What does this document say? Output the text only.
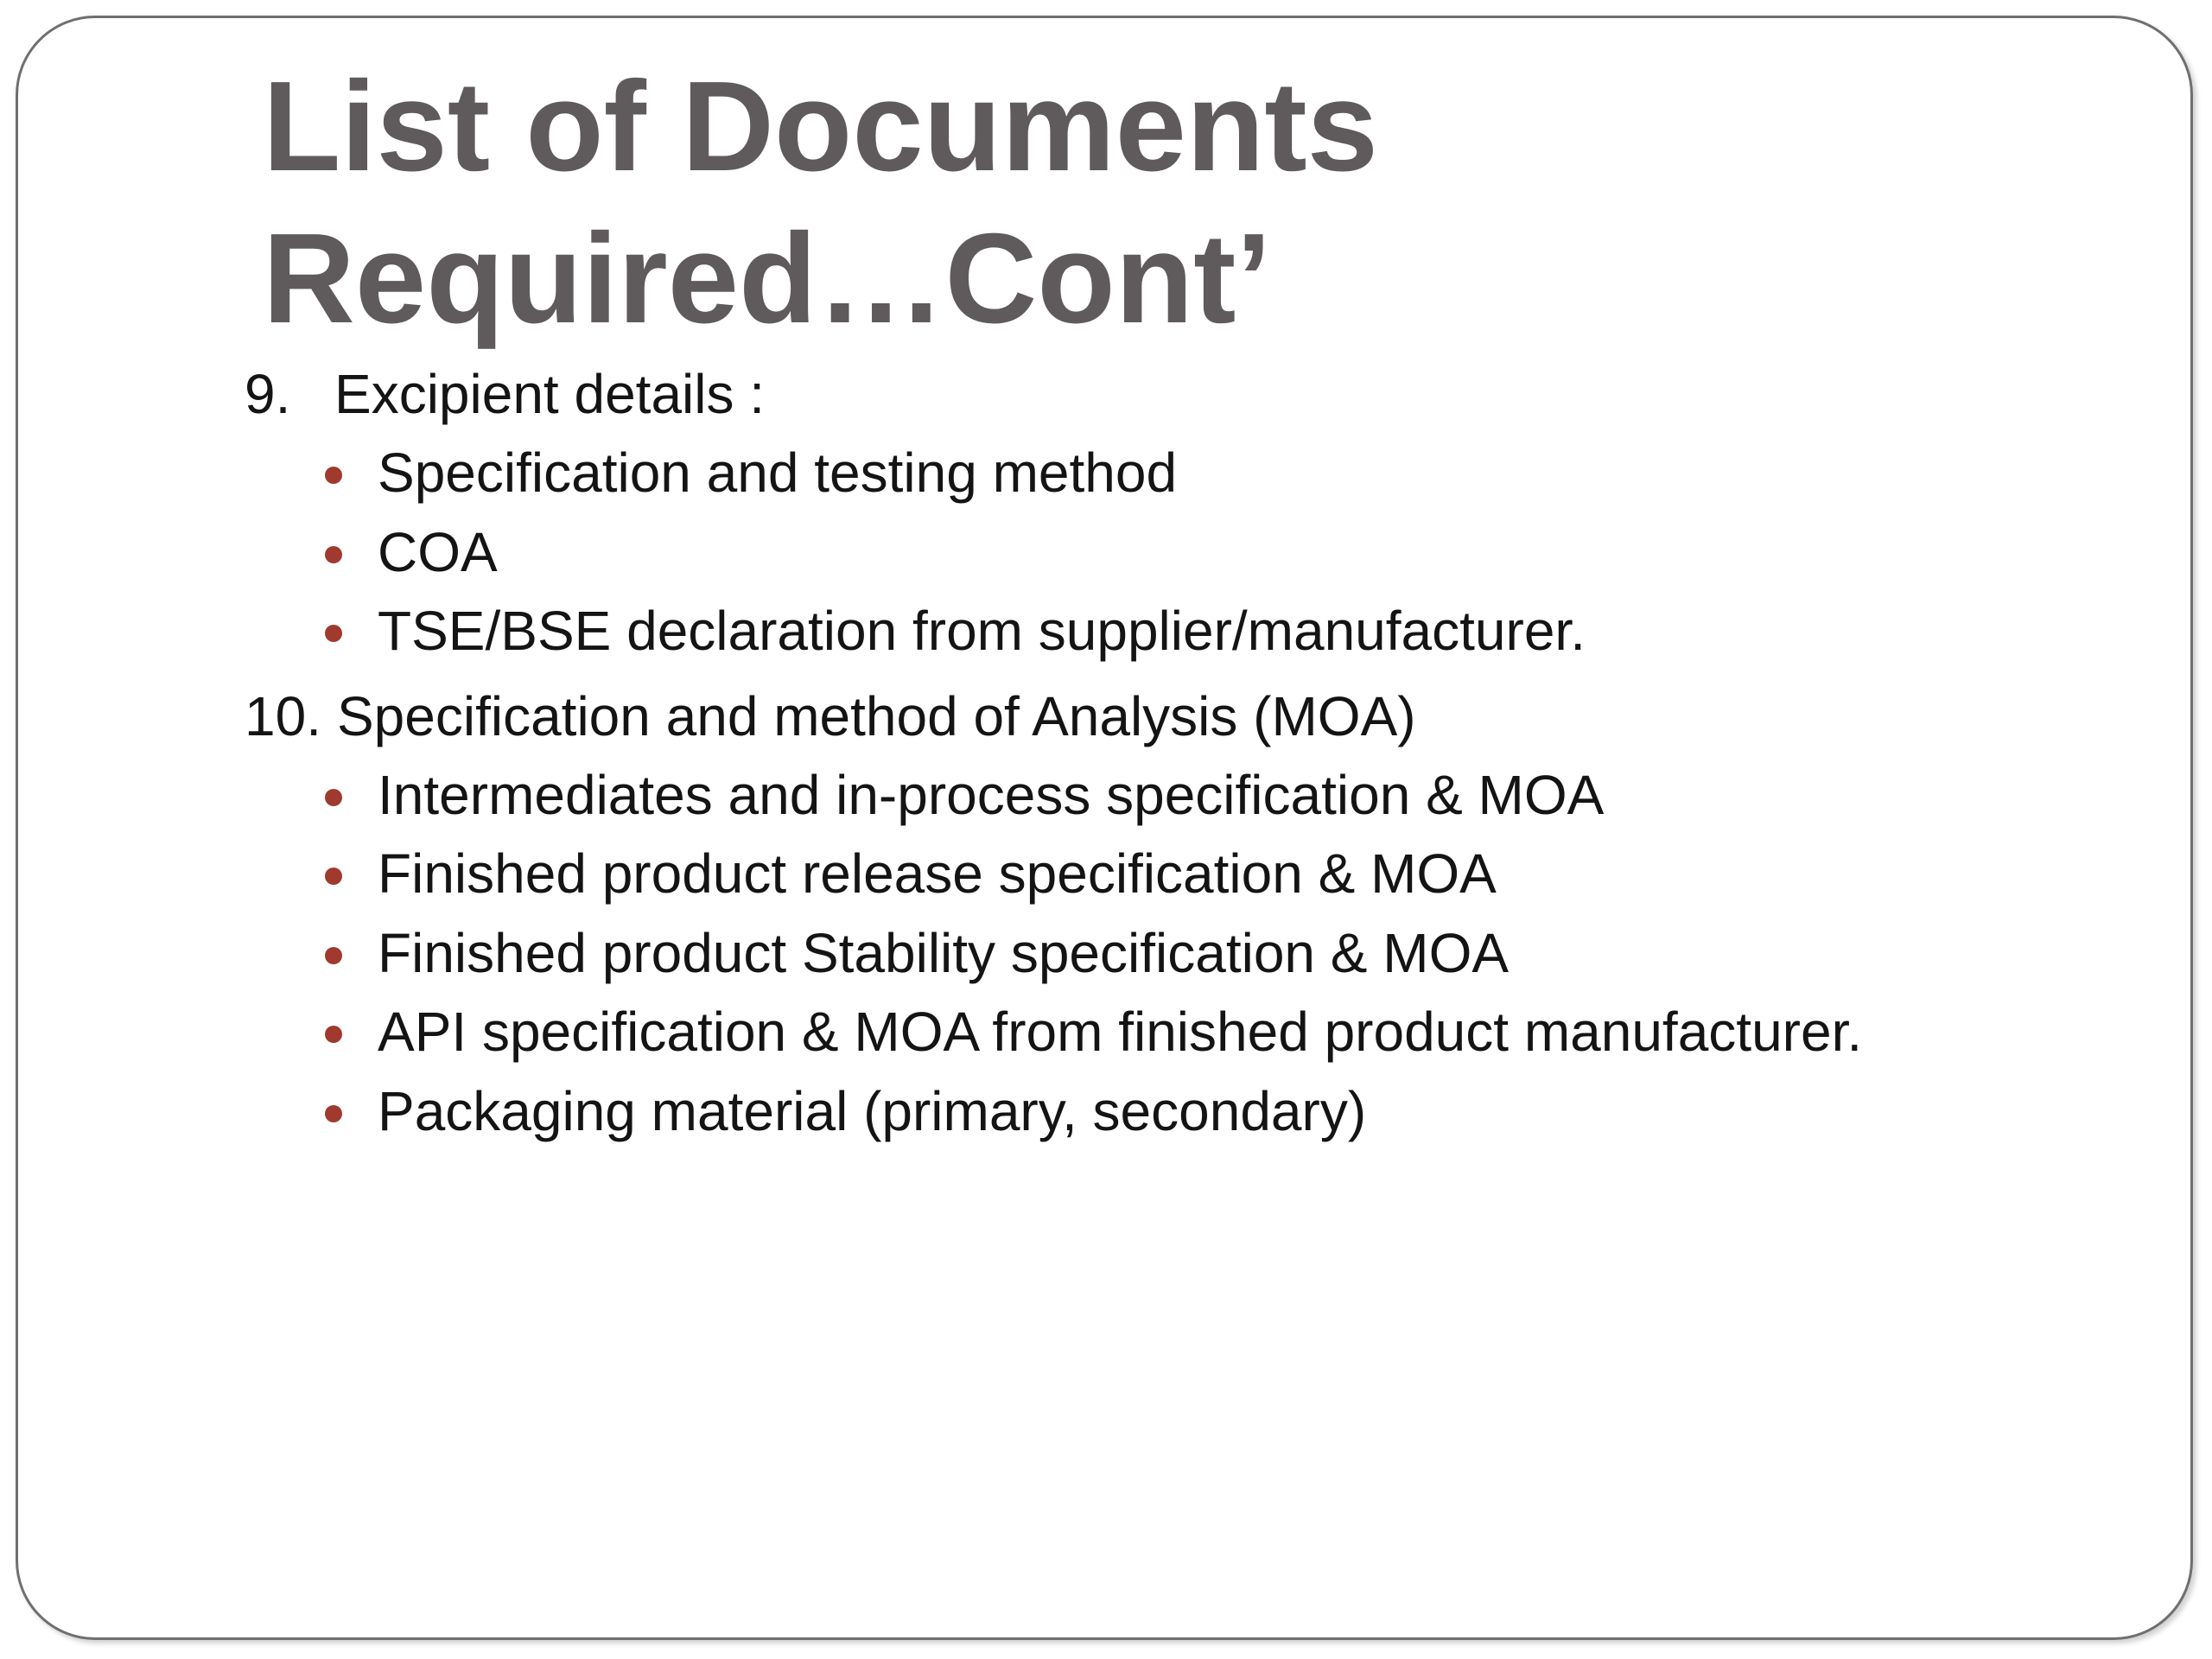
List of Documents
Required…Cont’
9. Excipient details :
Specification and testing method
COA
TSE/BSE declaration from supplier/manufacturer.
10. Specification and method of Analysis (MOA)
Intermediates and in-process specification & MOA
Finished product release specification & MOA
Finished product Stability specification & MOA
API specification & MOA from finished product manufacturer.
Packaging material (primary, secondary)
